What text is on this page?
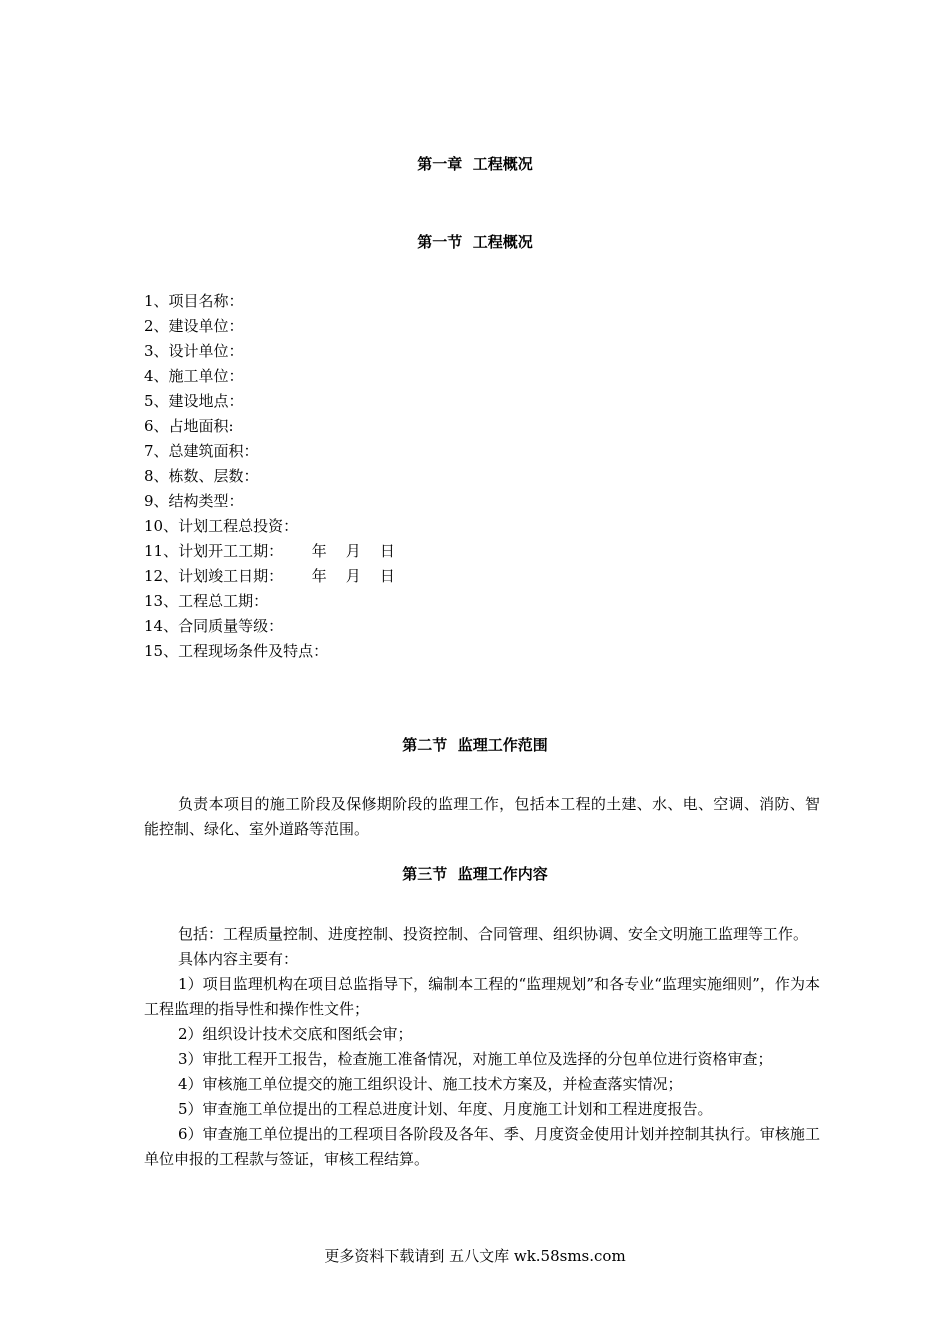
第一章  工程概况
第一节  工程概况
1、项目名称：
2、建设单位：
3、设计单位：
4、施工单位：
5、建设地点：
6、占地面积:
7、总建筑面积：
8、栋数、层数：
9、结构类型：
10、计划工程总投资：
11、计划开工工期：      年    月    日
12、计划竣工日期：      年    月    日
13、工程总工期：
14、合同质量等级：
15、工程现场条件及特点：
第二节  监理工作范围

负责本项目的施工阶段及保修期阶段的监理工作，包括本工程的土建、水、电、空调、消防、智能控制、绿化、室外道路等范围。

第三节  监理工作内容

包括：工程质量控制、进度控制、投资控制、合同管理、组织协调、安全文明施工监理等工作。

具体内容主要有：

1）项目监理机构在项目总监指导下，编制本工程的“监理规划”和各专业“监理实施细则”，作为本工程监理的指导性和操作性文件；

2）组织设计技术交底和图纸会审；

3）审批工程开工报告，检查施工准备情况，对施工单位及选择的分包单位进行资格审查；

4）审核施工单位提交的施工组织设计、施工技术方案及，并检查落实情况；

5）审查施工单位提出的工程总进度计划、年度、月度施工计划和工程进度报告。

6）审查施工单位提出的工程项目各阶段及各年、季、月度资金使用计划并控制其执行。审核施工单位申报的工程款与签证，审核工程结算。

更多资料下载请到 五八文库 wk.58sms.com
